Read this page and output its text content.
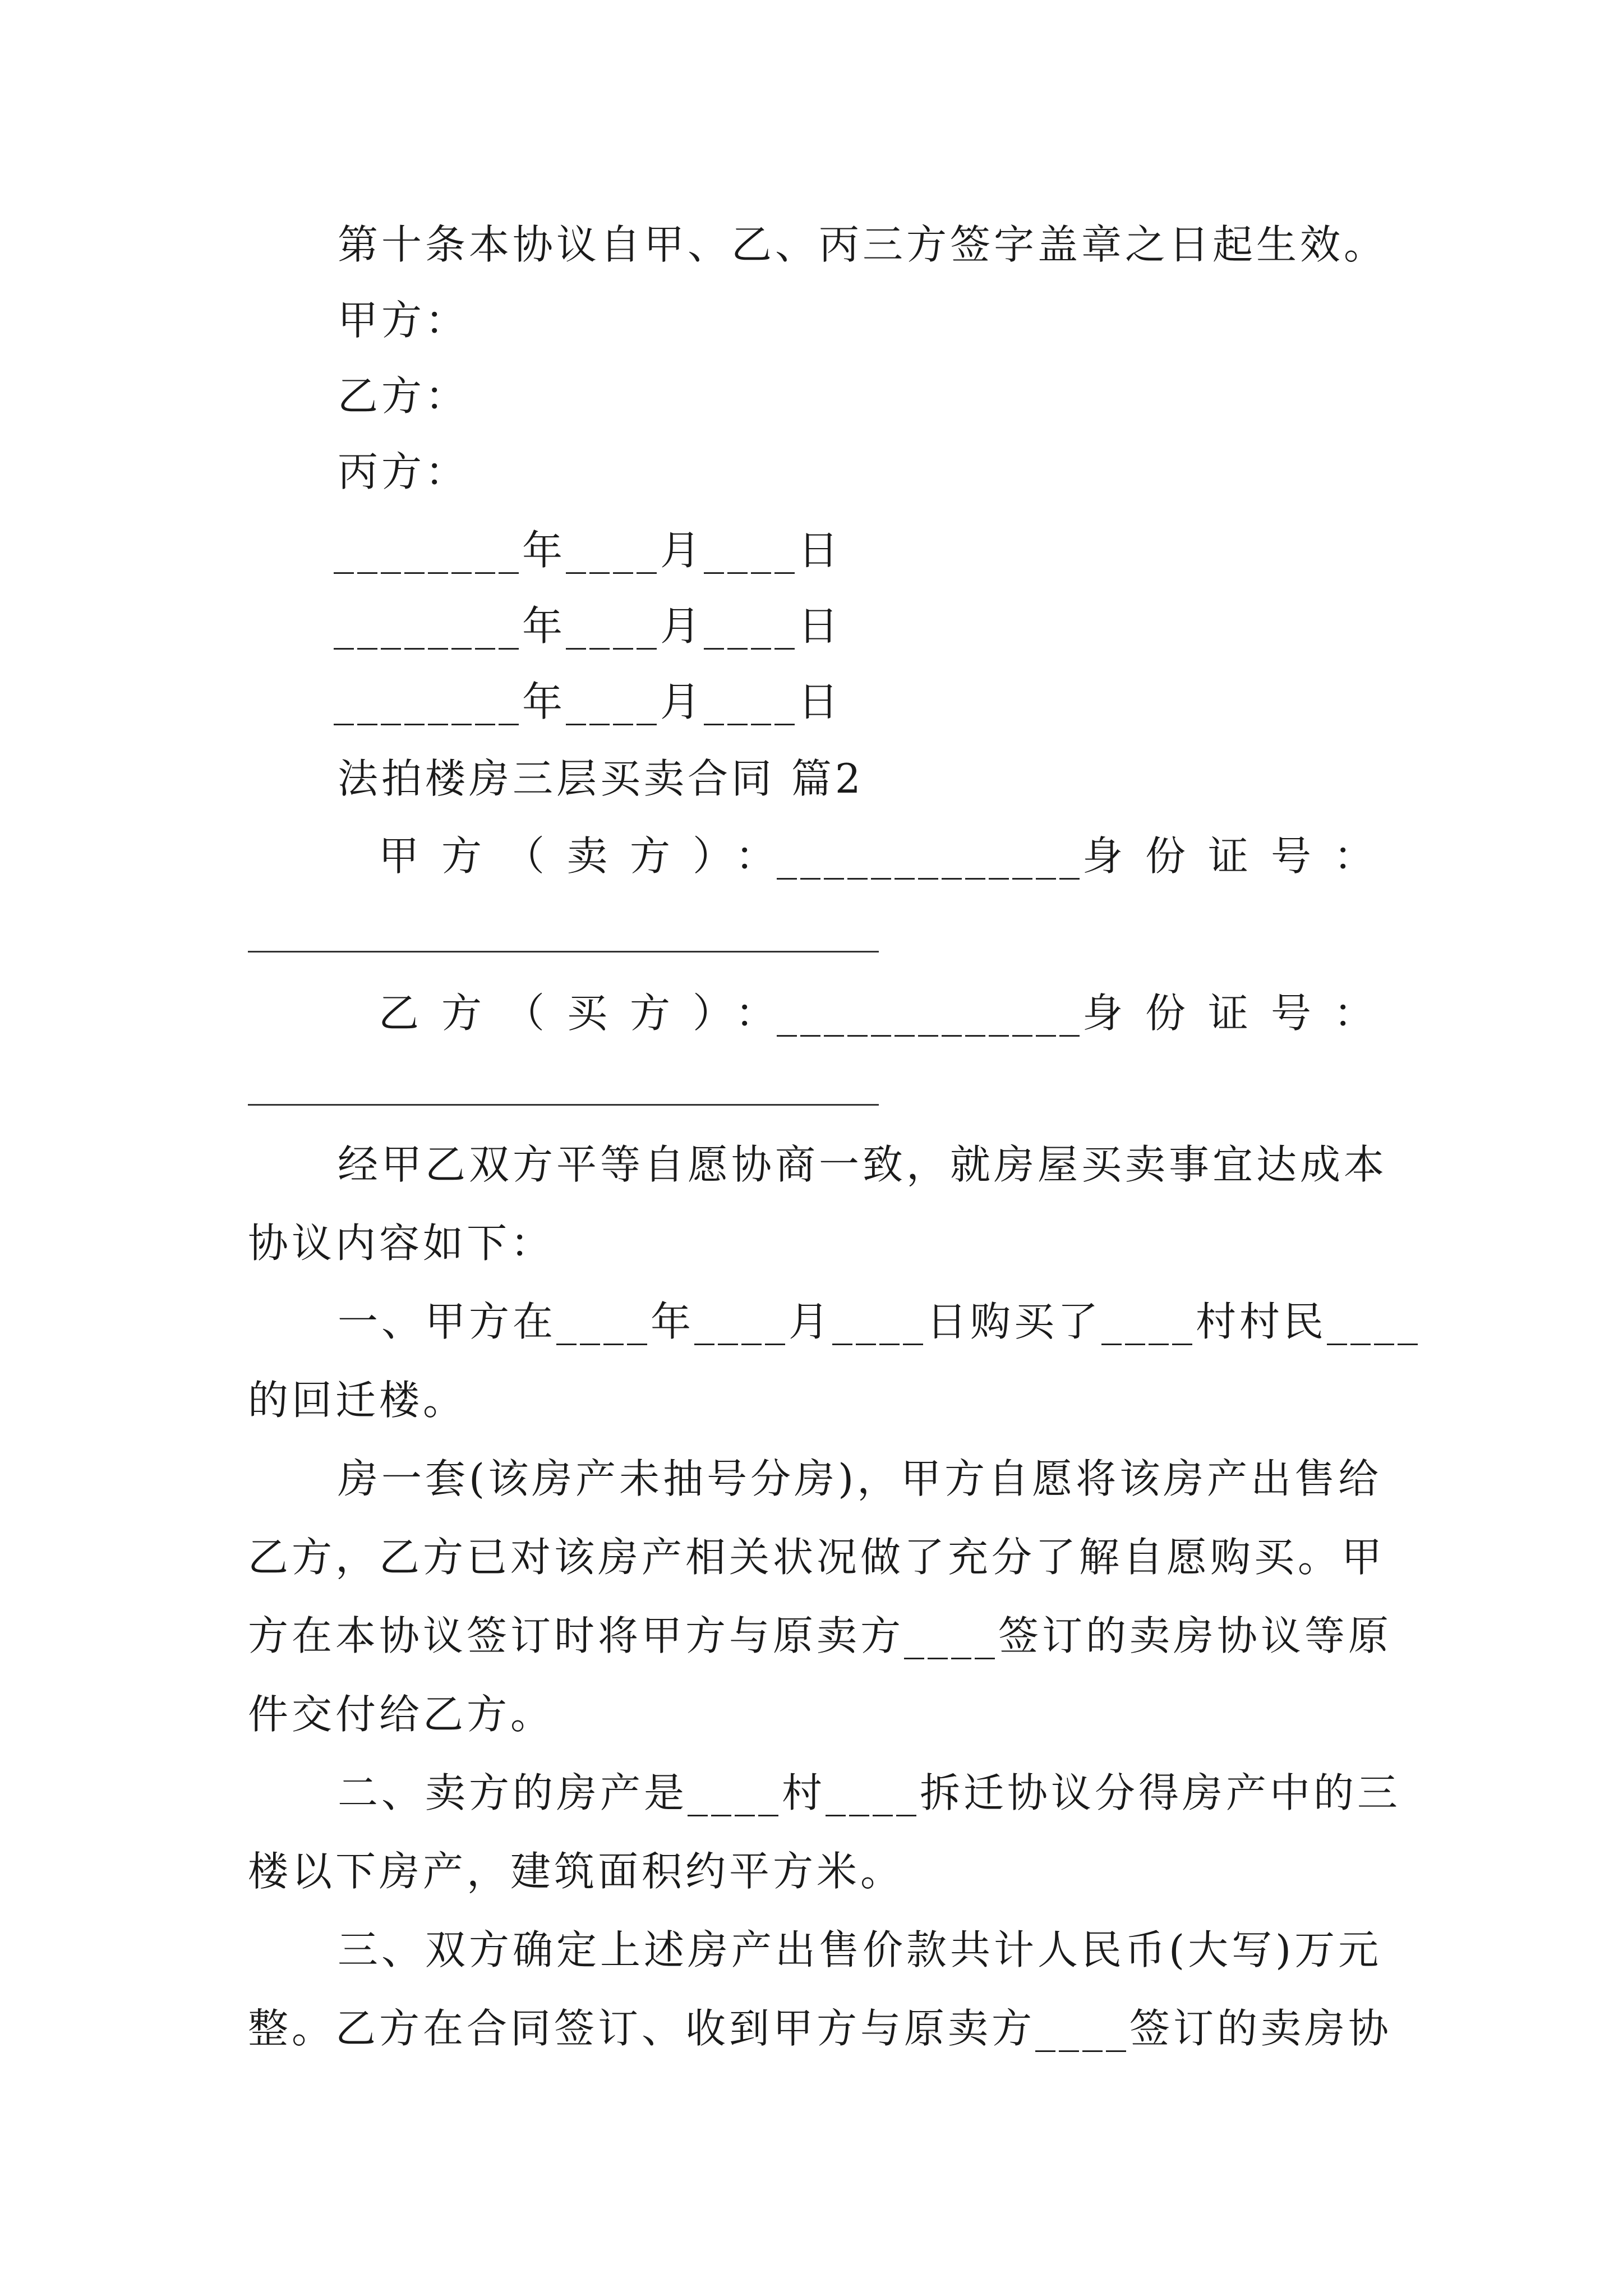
第十条本协议自甲、乙、丙三方签字盖章之日起生效。
甲方：
乙方：
丙方：
________年____月____日
________年____月____日
________年____月____日
法拍楼房三层买卖合同 篇2
甲方（卖方）：
_____________ 身份证号：
乙方（买方）：
_____________ 身份证号：
经甲乙双方平等自愿协商一致，就房屋买卖事宜达成本
协议内容如下：
一、甲方在____年____月____日购买了____村村民____
的回迁楼。
房一套(该房产未抽号分房)，甲方自愿将该房产出售给
乙方，乙方已对该房产相关状况做了充分了解自愿购买。甲
方在本协议签订时将甲方与原卖方____签订的卖房协议等原
件交付给乙方。
二、卖方的房产是____村____拆迁协议分得房产中的三
楼以下房产，建筑面积约平方米。
三、双方确定上述房产出售价款共计人民币(大写)万元
整。乙方在合同签订、收到甲方与原卖方____签订的卖房协
